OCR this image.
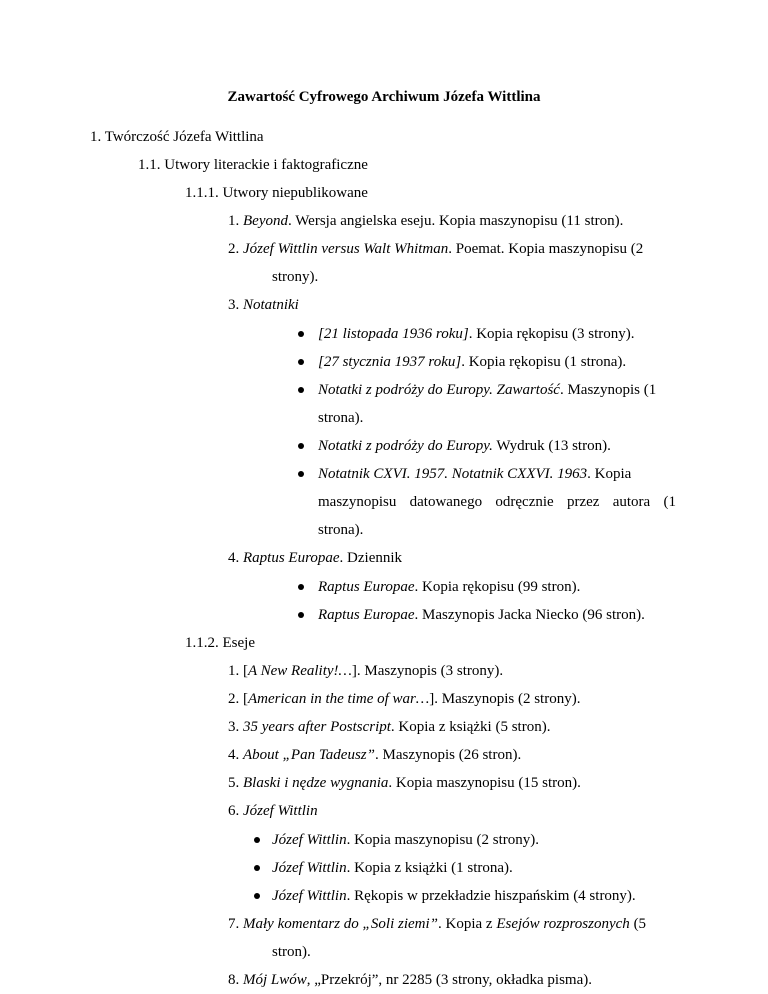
Zawartość Cyfrowego Archiwum Józefa Wittlina
1. Twórczość Józefa Wittlina
1.1. Utwory literackie i faktograficzne
1.1.1. Utwory niepublikowane
1. Beyond. Wersja angielska eseju. Kopia maszynopisu (11 stron).
2. Józef Wittlin versus Walt Whitman. Poemat. Kopia maszynopisu (2
strony).
3. Notatniki
[21 listopada 1936 roku]. Kopia rękopisu (3 strony).
[27 stycznia 1937 roku]. Kopia rękopisu (1 strona).
Notatki z podróży do Europy. Zawartość. Maszynopis (1
strona).
Notatki z podróży do Europy. Wydruk (13 stron).
Notatnik CXVI. 1957. Notatnik CXXVI. 1963. Kopia
maszynopisu datowanego odręcznie przez autora (1
strona).
4. Raptus Europae. Dziennik
Raptus Europae. Kopia rękopisu (99 stron).
Raptus Europae. Maszynopis Jacka Niecko (96 stron).
1.1.2. Eseje
1. [A New Reality!…]. Maszynopis (3 strony).
2. [American in the time of war…]. Maszynopis (2 strony).
3. 35 years after Postscript. Kopia z książki (5 stron).
4. About „Pan Tadeusz”. Maszynopis (26 stron).
5. Blaski i nędze wygnania. Kopia maszynopisu (15 stron).
6. Józef Wittlin
Józef Wittlin. Kopia maszynopisu (2 strony).
Józef Wittlin. Kopia z książki (1 strona).
Józef Wittlin. Rękopis w przekładzie hiszpańskim (4 strony).
7. Mały komentarz do „Soli ziemi”. Kopia z Esejów rozproszonych (5
stron).
8. Mój Lwów, „Przekrój”, nr 2285 (3 strony, okładka pisma).
